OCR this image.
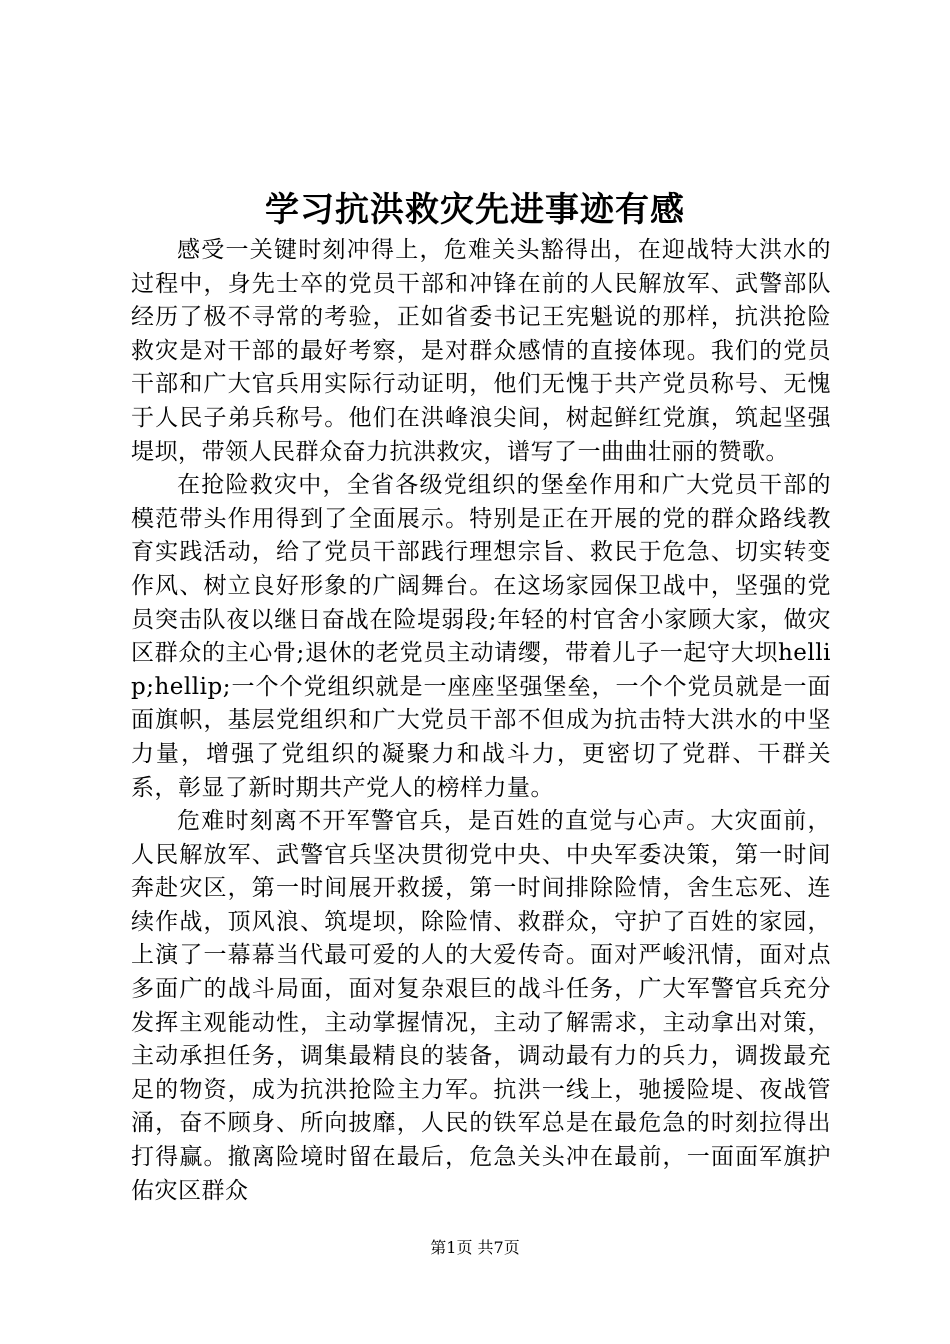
学习抗洪救灾先进事迹有感

感受一关键时刻冲得上，危难关头豁得出，在迎战特大洪水的过程中，身先士卒的党员干部和冲锋在前的人民解放军、武警部队经历了极不寻常的考验，正如省委书记王宪魁说的那样，抗洪抢险救灾是对干部的最好考察，是对群众感情的直接体现。我们的党员干部和广大官兵用实际行动证明，他们无愧于共产党员称号、无愧于人民子弟兵称号。他们在洪峰浪尖间，树起鲜红党旗，筑起坚强堤坝，带领人民群众奋力抗洪救灾，谱写了一曲曲壮丽的赞歌。

在抢险救灾中，全省各级党组织的堡垒作用和广大党员干部的模范带头作用得到了全面展示。特别是正在开展的党的群众路线教育实践活动，给了党员干部践行理想宗旨、救民于危急、切实转变作风、树立良好形象的广阔舞台。在这场家园保卫战中，坚强的党员突击队夜以继日奋战在险堤弱段;年轻的村官舍小家顾大家，做灾区群众的主心骨;退休的老党员主动请缨，带着儿子一起守大坝hellip;hellip;一个个党组织就是一座座坚强堡垒，一个个党员就是一面面旗帜，基层党组织和广大党员干部不但成为抗击特大洪水的中坚力量，增强了党组织的凝聚力和战斗力，更密切了党群、干群关系，彰显了新时期共产党人的榜样力量。

危难时刻离不开军警官兵，是百姓的直觉与心声。大灾面前，人民解放军、武警官兵坚决贯彻党中央、中央军委决策，第一时间奔赴灾区，第一时间展开救援，第一时间排除险情，舍生忘死、连续作战，顶风浪、筑堤坝，除险情、救群众，守护了百姓的家园，上演了一幕幕当代最可爱的人的大爱传奇。面对严峻汛情，面对点多面广的战斗局面，面对复杂艰巨的战斗任务，广大军警官兵充分发挥主观能动性，主动掌握情况，主动了解需求，主动拿出对策，主动承担任务，调集最精良的装备，调动最有力的兵力，调拨最充足的物资，成为抗洪抢险主力军。抗洪一线上，驰援险堤、夜战管涌，奋不顾身、所向披靡，人民的铁军总是在最危急的时刻拉得出打得赢。撤离险境时留在最后，危急关头冲在最前，一面面军旗护佑灾区群众

第1页 共7页
